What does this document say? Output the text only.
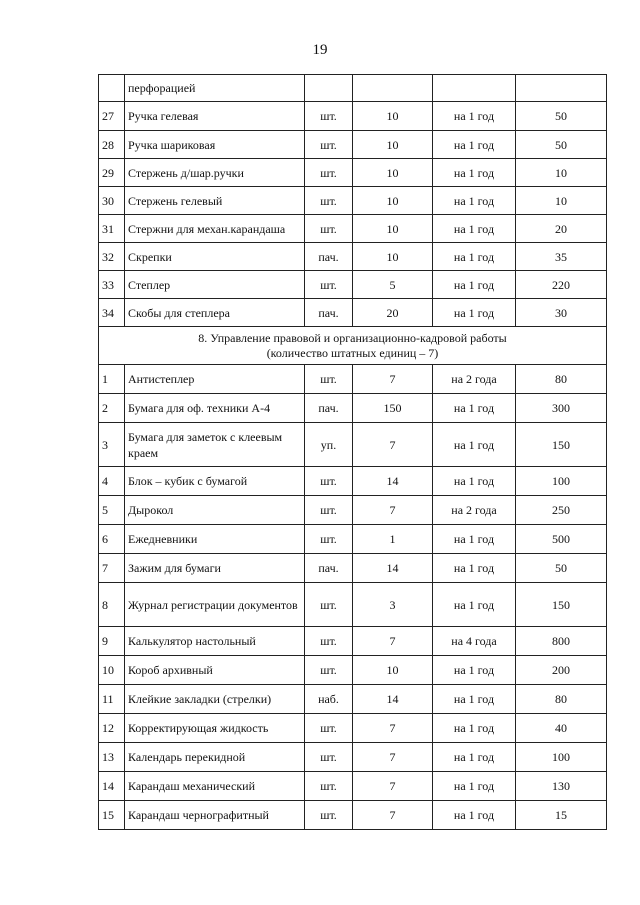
19
	перфорацией				
27	Ручка гелевая	шт.	10	на 1 год	50
28	Ручка шариковая	шт.	10	на 1 год	50
29	Стержень д/шар.ручки	шт.	10	на 1 год	10
30	Стержень гелевый	шт.	10	на 1 год	10
31	Стержни для механ.карандаша	шт.	10	на 1 год	20
32	Скрепки	пач.	10	на 1 год	35
33	Степлер	шт.	5	на 1 год	220
34	Скобы для степлера	пач.	20	на 1 год	30

8. Управление правовой и организационно-кадровой работы
(количество штатных единиц – 7)					

1	Антистеплер	шт.	7	на 2 года	80
2	Бумага для оф. техники А-4	пач.	150	на 1 год	300
3	Бумага для заметок с клеевым краем	уп.	7	на 1 год	150
4	Блок – кубик с бумагой	шт.	14	на 1 год	100
5	Дырокол	шт.	7	на 2 года	250
6	Ежедневники	шт.	1	на 1 год	500
7	Зажим для бумаги	пач.	14	на 1 год	50
8	Журнал регистрации документов	шт.	3	на 1 год	150
9	Калькулятор настольный	шт.	7	на 4 года	800
10	Короб архивный	шт.	10	на 1 год	200
11	Клейкие закладки (стрелки)	наб.	14	на 1 год	80
12	Корректирующая жидкость	шт.	7	на 1 год	40
13	Календарь перекидной	шт.	7	на 1 год	100
14	Карандаш механический	шт.	7	на 1 год	130
15	Карандаш чернографитный	шт.	7	на 1 год	15
